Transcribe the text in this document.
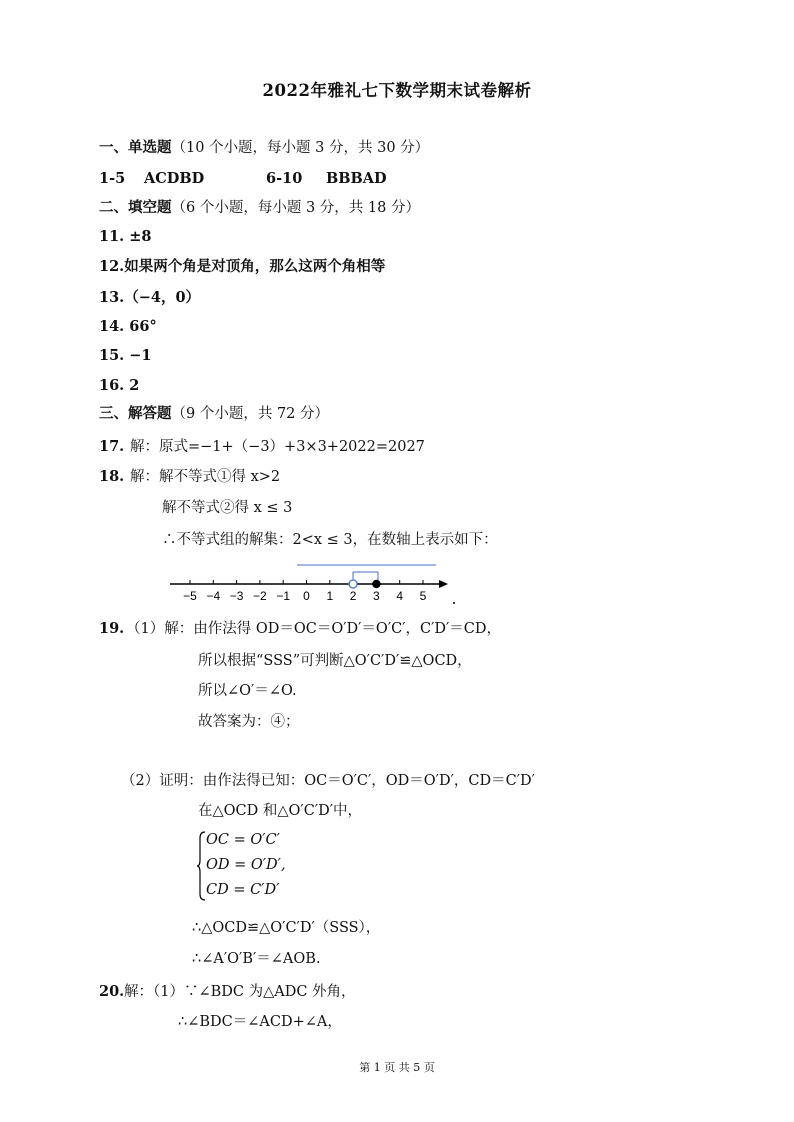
2022年雅礼七下数学期末试卷解析
一、单选题（10 个小题，每小题 3 分，共 30 分）
1-5 ACDBD	6-10 BBBAD
二、填空题（6 个小题，每小题 3 分，共 18 分）
11. ±8
12.如果两个角是对顶角，那么这两个角相等
13.（−4，0）
14. 66°
15. −1
16. 2
三、解答题（9 个小题，共 72 分）
17. 解：原式=−1+（−3）+3×3+2022=2027
18. 解：解不等式①得 x>2
解不等式②得 x ≤ 3
∴不等式组的解集：2<x ≤ 3，在数轴上表示如下：
−5 −4 −3 −2 −1 0 1 2 3 4 5
19. （1）解：由作法得 OD＝OC＝O′D′＝O′C′，C′D′＝CD，
所以根据“SSS”可判断△O′C′D′≌△OCD，
所以∠O′＝∠O.
故答案为：④；
（2）证明：由作法得已知：OC＝O′C′，OD＝O′D′，CD＝C′D′
在△OCD 和△O′C′D′中，
OC = O′C′
OD = O′D′,
CD = C′D′
∴△OCD≌△O′C′D′（SSS），
∴∠A′O′B′＝∠AOB.
20. 解：（1）∵∠BDC 为△ADC 外角，
∴∠BDC＝∠ACD+∠A，
第 1 页 共 5 页
